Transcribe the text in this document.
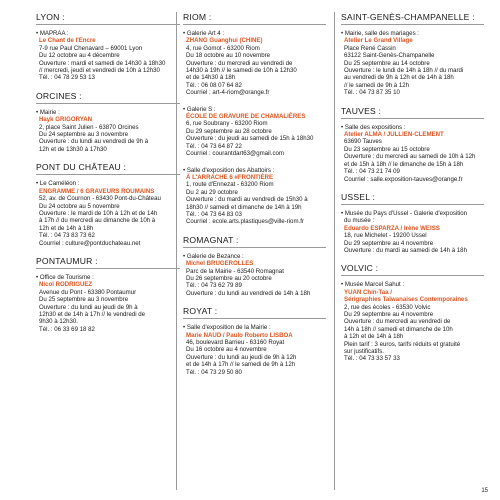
LYON :
• MAPRAA :
Le Chant de l'Encre
7-9 rue Paul Chenavard – 69001 Lyon
Du 12 octobre au 4 décembre
Ouverture : mardi et samedi de 14h30 à 18h30
// mercredi, jeudi et vendredi de 10h à 12h30
Tél. : 04 78 29 53 13
ORCINES :
• Mairie :
Hayk GRIGORYAN
2, place Saint Julien - 63870 Orcines
Du 24 septembre au 3 novembre
Ouverture : du lundi au vendredi de 9h à
12h et de 13h30 à 17h30
PONT DU CHÂTEAU :
• Le Caméléon :
ENGRAMME / 6 GRAVEURS ROUMAINS
52, av. de Cournon - 63430 Pont-du-Château
Du 24 octobre au 5 novembre
Ouverture : le mardi de 10h à 12h et de 14h
à 17h // du mercredi au dimanche de 10h à
12h et de 14h à 18h
Tél. : 04 73 83 73 62
Courriel : culture@pontduchateau.net
PONTAUMUR :
• Office de Tourisme :
Nicol RODRIGUEZ
Avenue du Pont - 63380 Pontaumur
Du 25 septembre au 3 novembre
Ouverture : du lundi au jeudi de 9h à
12h30 et de 14h à 17h // le vendredi de
9h30 à 12h30.
Tél. : 06 33 69 18 82
RIOM :
• Galerie Art 4 :
ZHANG Guanghui (CHINE)
4, rue Gomot - 63200 Riom
Du 18 octobre au 10 novembre
Ouverture : du mercredi au vendredi de
14h30 à 19h // le samedi de 10h à 12h30
et de 14h30 à 18h
Tél. : 06 08 07 64 82
Courriel : art-4-riom@orange.fr
• Galerie S :
ÉCOLE DE GRAVURE DE CHAMALIÈRES
6, rue Soubrany - 63200 Riom
Du 29 septembre au 28 octobre
Ouverture : du jeudi au samedi de 15h à 18h30
Tél. : 04 73 64 87 22
Courriel : courantdart63@gmail.com
• Salle d'exposition des Abattoirs :
À L'ARRACHE 6 #FRONTIÈRE
1, route d'Ennezat - 63200 Riom
Du 2 au 29 octobre
Ouverture : du mardi au vendredi de 15h30 à
18h30 // samedi et dimanche de 14h à 19h
Tél. : 04 73 64 83 03
Courriel : ecole.arts.plastiques@ville-riom.fr
ROMAGNAT :
• Galerie de Bezance :
Michel BRUGEROLLES
Parc de la Mairie - 63540 Romagnat
Du 26 septembre au 20 octobre
Tél. : 04 73 62 79 89
Ouverture : du lundi au vendredi de 14h à 18h
ROYAT :
• Salle d'exposition de la Mairie :
Marie NAUD / Paulo Roberto LISBOA
46, boulevard Barrieu - 63160 Royat
Du 16 octobre au 4 novembre
Ouverture : du lundi au jeudi de 9h à 12h
et de 14h à 17h // le samedi de 9h à 12h
Tél. : 04 73 29 50 80
SAINT-GENÈS-CHAMPANELLE :
• Mairie, salle des mariages :
Atelier Le Grand Village
Place René Cassin
63122 Saint-Genès-Champanelle
Du 25 septembre au 14 octobre
Ouverture : le lundi de 14h à 18h // du mardi
au vendredi de 9h à 12h et de 14h à 18h
// le samedi de 9h à 12h
Tél. : 04 73 87 35 10
TAUVES :
• Salle des expositions :
Atelier ALMA / JULLIEN-CLEMENT
63690 Tauves
Du 23 septembre au 15 octobre
Ouverture : du mercredi au samedi de 10h à 12h
et de 15h à 18h // le dimanche de 15h à 18h
Tél. : 04 73 21 74 09
Courriel : salle.exposition-tauves@orange.fr
USSEL :
• Musée du Pays d'Ussel - Galerie d'exposition
du musée :
Eduardo ESPARZA / Irène WEISS
18, rue Michelet - 19200 Ussel
Du 29 septembre au 4 novembre
Ouverture : du mardi au samedi de 14h à 18h
VOLVIC :
• Musée Marcel Sahut :
YUAN Chin-Taa /
Sérigraphies Taïwanaises Contemporaines
2, rue des écoles - 63530 Volvic
Du 29 septembre au 4 novembre
Ouverture : du mercredi au vendredi de
14h à 18h // samedi et dimanche de 10h
à 12h et de 14h à 18h
Plein tarif : 3 euros, tarifs réduits et gratuité
sur justificatifs.
Tél. : 04 73 33 57 33
15
